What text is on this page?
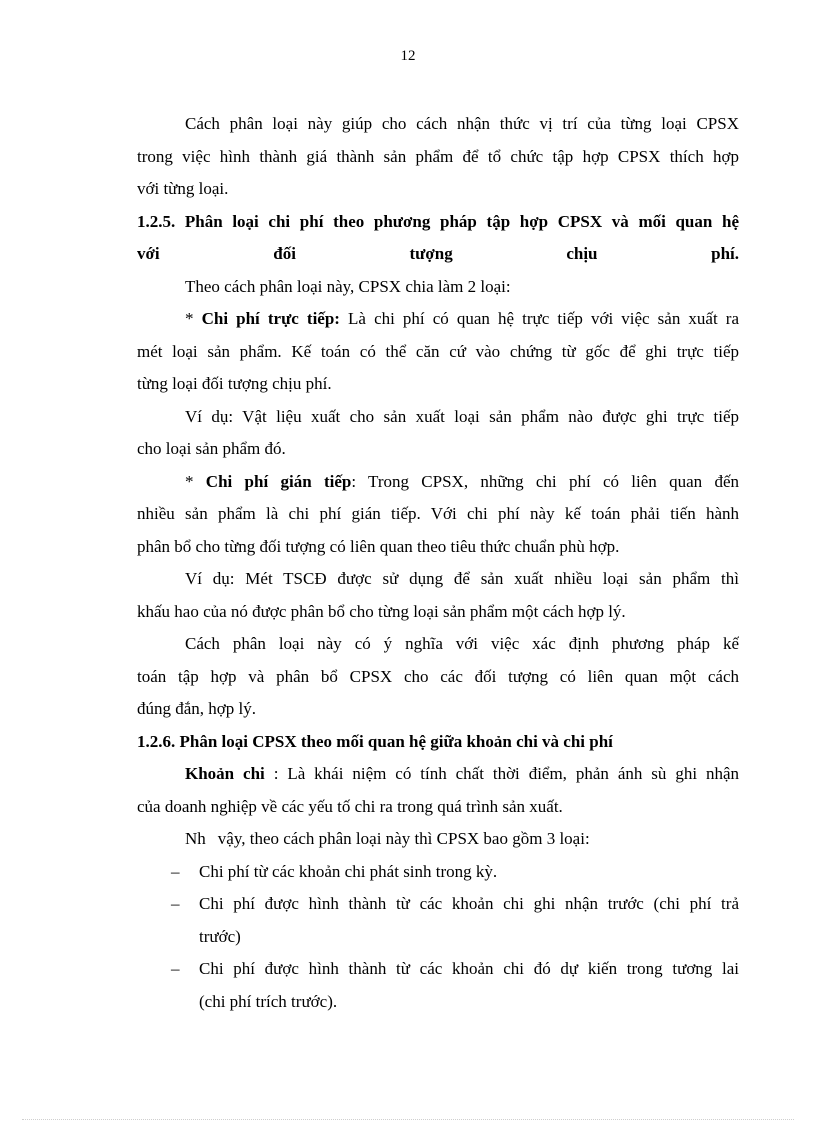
12
Cách phân loại này giúp cho cách nhận thức vị trí của từng loại CPSX
trong việc hình thành giá thành sản phẩm để tổ chức tập hợp CPSX thích hợp
với từng loại.
1.2.5. Phân loại chi phí theo phương pháp tập hợp CPSX và mối quan hệ
với đối tượng chịu phí.
Theo cách phân loại này, CPSX chia làm 2 loại:
* Chi phí trực tiếp: Là chi phí có quan hệ trực tiếp với việc sản xuất ra
mét loại sản phẩm. Kế toán có thể căn cứ vào chứng từ gốc để ghi trực tiếp
từng loại đối tượng chịu phí.
Ví dụ: Vật liệu xuất cho sản xuất loại sản phẩm nào được ghi trực tiếp
cho loại sản phẩm đó.
* Chi phí gián tiếp: Trong CPSX, những chi phí có liên quan đến
nhiều sản phẩm là chi phí gián tiếp. Với chi phí này kế toán phải tiến hành
phân bổ cho từng đối tượng có liên quan theo tiêu thức chuẩn phù hợp.
Ví dụ: Mét TSCĐ được sử dụng để sản xuất nhiều loại sản phẩm thì
khấu hao của nó được phân bổ cho từng loại sản phẩm một cách hợp lý.
Cách phân loại này có ý nghĩa với việc xác định phương pháp kế
toán tập hợp và phân bổ CPSX cho các đối tượng có liên quan một cách
đúng đắn, hợp lý.
1.2.6. Phân loại CPSX theo mối quan hệ giữa khoản chi và chi phí
Khoản chi : Là khái niệm có tính chất thời điểm, phản ánh sù ghi nhận
của doanh nghiệp về các yếu tố chi ra trong quá trình sản xuất.
Nh vậy, theo cách phân loại này thì CPSX bao gồm 3 loại:
– Chi phí từ các khoản chi phát sinh trong kỳ.
– Chi phí được hình thành từ các khoản chi ghi nhận trước (chi phí trả
trước)
– Chi phí được hình thành từ các khoản chi đó dự kiến trong tương lai
(chi phí trích trước).
